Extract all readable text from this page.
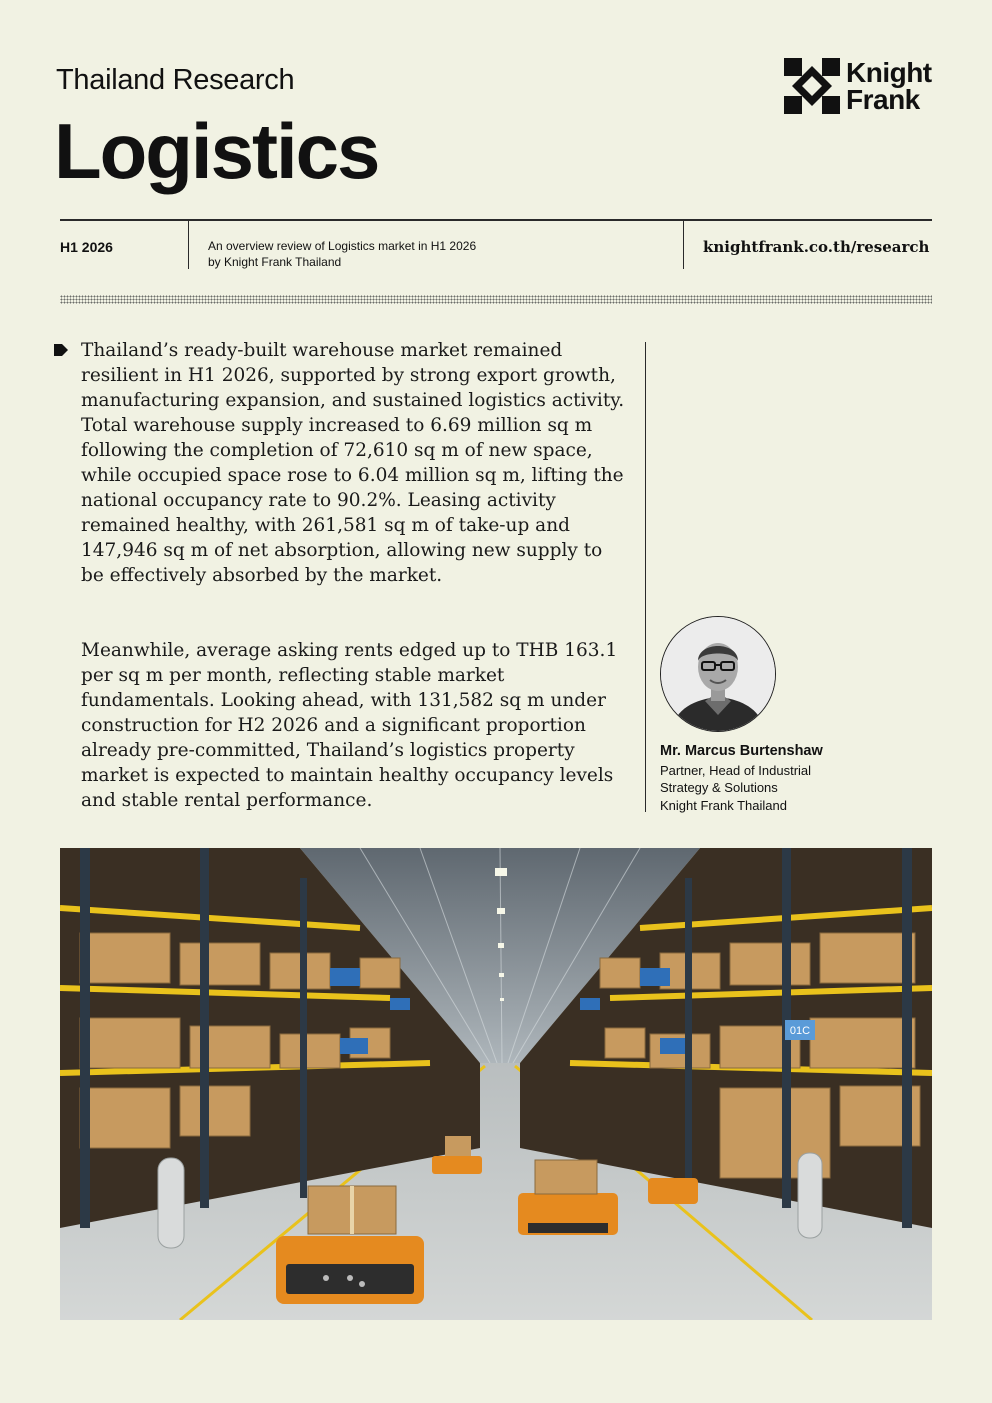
Thailand Research
Logistics
Knight
Frank
H1 2026	An overview review of Logistics market in H1 2026
by Knight Frank Thailand
knightfrank.co.th/research
Thailand’s ready-built warehouse market remained resilient in H1 2026, supported by strong export growth, manufacturing expansion, and sustained logistics activity. Total warehouse supply increased to 6.69 million sq m following the completion of 72,610 sq m of new space, while occupied space rose to 6.04 million sq m, lifting the national occupancy rate to 90.2%. Leasing activity remained healthy, with 261,581 sq m of take-up and 147,946 sq m of net absorption, allowing new supply to be effectively absorbed by the market.
Meanwhile, average asking rents edged up to THB 163.1 per sq m per month, reflecting stable market fundamentals. Looking ahead, with 131,582 sq m under construction for H2 2026 and a significant proportion already pre-committed, Thailand’s logistics property market is expected to maintain healthy occupancy levels and stable rental performance.
Mr. Marcus Burtenshaw
Partner, Head of Industrial
Strategy & Solutions
Knight Frank Thailand
01C
